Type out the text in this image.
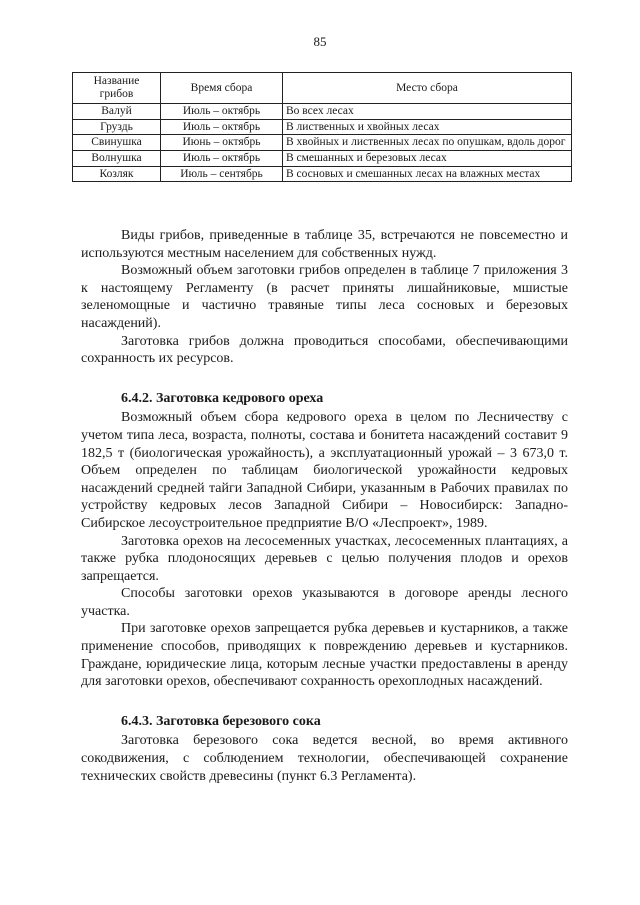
85
Название грибов	Время сбора	Место сбора
Валуй	Июль – октябрь	Во всех лесах
Груздь	Июль – октябрь	В лиственных и хвойных лесах
Свинушка	Июнь – октябрь	В хвойных и лиственных лесах по опушкам, вдоль дорог
Волнушка	Июль – октябрь	В смешанных и березовых лесах
Козляк	Июль – сентябрь	В сосновых и смешанных лесах на влажных местах

Виды грибов, приведенные в таблице 35, встречаются не повсеместно и используются местным населением для собственных нужд.

Возможный объем заготовки грибов определен в таблице 7 приложения 3 к настоящему Регламенту (в расчет приняты лишайниковые, мшистые зеленомощные и частично травяные типы леса сосновых и березовых насаждений).

Заготовка грибов должна проводиться способами, обеспечивающими сохранность их ресурсов.

6.4.2. Заготовка кедрового ореха

Возможный объем сбора кедрового ореха в целом по Лесничеству с учетом типа леса, возраста, полноты, состава и бонитета насаждений составит 9 182,5 т (биологическая урожайность), а эксплуатационный урожай – 3 673,0 т. Объем определен по таблицам биологической урожайности кедровых насаждений средней тайги Западной Сибири, указанным в Рабочих правилах по устройству кедровых лесов Западной Сибири – Новосибирск: Западно-Сибирское лесоустроительное предприятие В/О «Леспроект», 1989.

Заготовка орехов на лесосеменных участках, лесосеменных плантациях, а также рубка плодоносящих деревьев с целью получения плодов и орехов запрещается.

Способы заготовки орехов указываются в договоре аренды лесного участка.

При заготовке орехов запрещается рубка деревьев и кустарников, а также применение способов, приводящих к повреждению деревьев и кустарников. Граждане, юридические лица, которым лесные участки предоставлены в аренду для заготовки орехов, обеспечивают сохранность орехоплодных насаждений.

6.4.3. Заготовка березового сока

Заготовка березового сока ведется весной, во время активного сокодвижения, с соблюдением технологии, обеспечивающей сохранение технических свойств древесины (пункт 6.3 Регламента).
